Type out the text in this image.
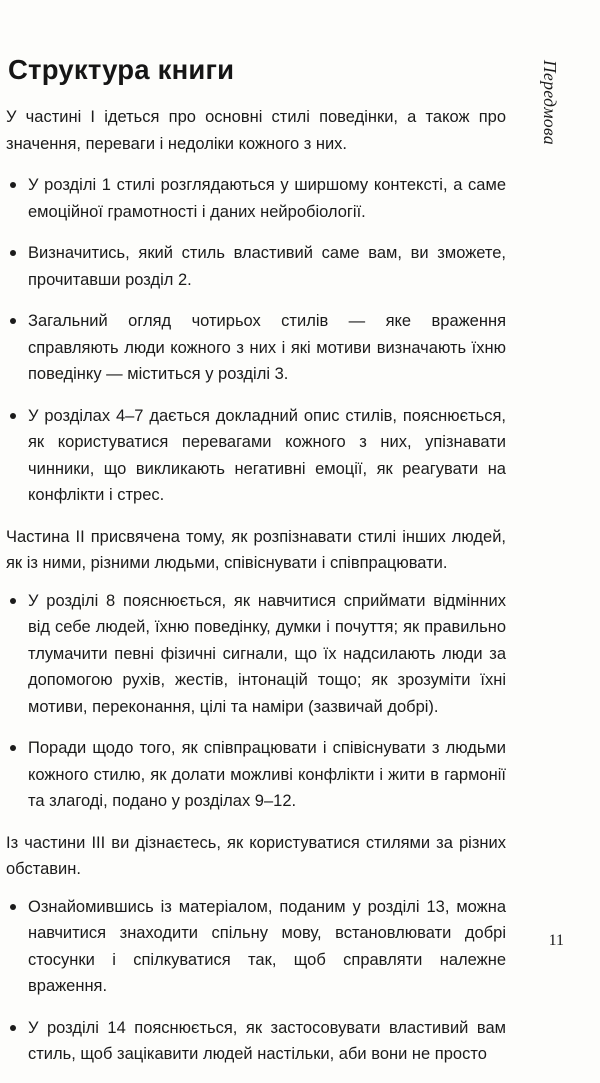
Структура книги	Передмова

У частині І ідеться про основні стилі поведінки, а також про значення, переваги і недоліки кожного з них.

У розділі 1 стилі розглядаються у ширшому контексті, а саме емоційної грамотності і даних нейробіології.

Визначитись, який стиль властивий саме вам, ви зможете, прочитавши розділ 2.

Загальний огляд чотирьох стилів — яке враження справляють люди кожного з них і які мотиви визначають їхню поведінку — міститься у розділі 3.

У розділах 4–7 дається докладний опис стилів, пояснюється, як користуватися перевагами кожного з них, упізнавати чинники, що викликають негативні емоції, як реагувати на конфлікти і стрес.

Частина ІІ присвячена тому, як розпізнавати стилі інших людей, як із ними, різними людьми, співіснувати і співпрацювати.

У розділі 8 пояснюється, як навчитися сприймати відмінних від себе людей, їхню поведінку, думки і почуття; як правильно тлумачити певні фізичні сигнали, що їх надсилають люди за допомогою рухів, жестів, інтонацій тощо; як зрозуміти їхні мотиви, переконання, цілі та наміри (зазвичай добрі).

Поради щодо того, як співпрацювати і співіснувати з людьми кожного стилю, як долати можливі конфлікти і жити в гармонії та злагоді, подано у розділах 9–12.

Із частини ІІІ ви дізнаєтесь, як користуватися стилями за різних обставин.

Ознайомившись із матеріалом, поданим у розділі 13, можна навчитися знаходити спільну мову, встановлювати добрі стосунки і спілкуватися так, щоб справляти належне враження.

У розділі 14 пояснюється, як застосовувати властивий вам стиль, щоб зацікавити людей настільки, аби вони не просто

11
